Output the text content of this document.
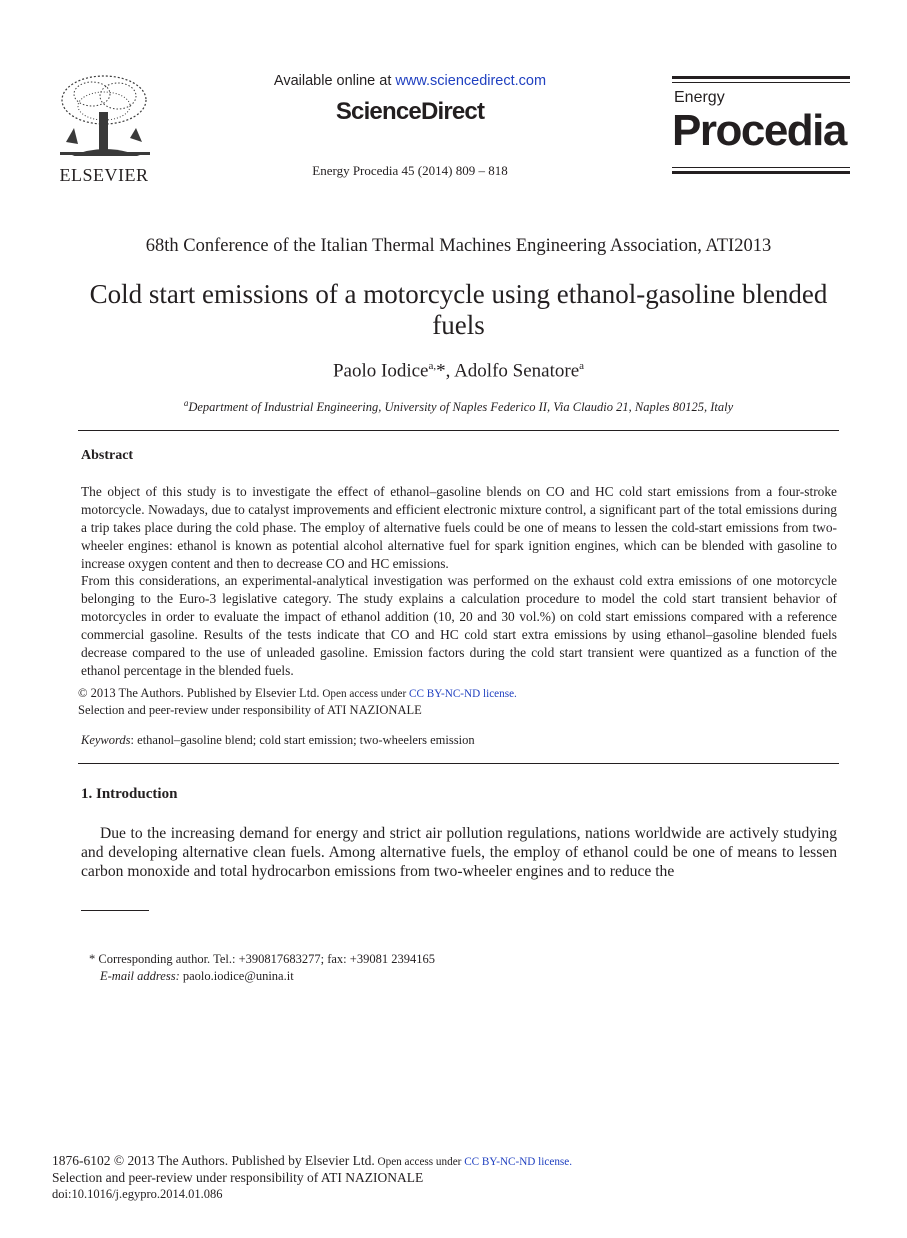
ELSEVIER
Available online at www.sciencedirect.com
ScienceDirect
Energy Procedia 45 (2014) 809 – 818
Energy
Procedia
68th Conference of the Italian Thermal Machines Engineering Association, ATI2013
Cold start emissions of a motorcycle using ethanol-gasoline blended
fuels
Paolo Iodice$^{a,}$*, Adolfo Senatore$^a$
$^a$Department of Industrial Engineering, University of Naples Federico II, Via Claudio 21, Naples 80125, Italy
Abstract
The object of this study is to investigate the effect of ethanol–gasoline blends on CO and HC cold start emissions from a four-stroke motorcycle. Nowadays, due to catalyst improvements and efficient electronic mixture control, a significant part of the total emissions during a trip takes place during the cold phase. The employ of alternative fuels could be one of means to lessen the cold-start emissions from two-wheeler engines: ethanol is known as potential alcohol alternative fuel for spark ignition engines, which can be blended with gasoline to increase oxygen content and then to decrease CO and HC emissions.
From this considerations, an experimental-analytical investigation was performed on the exhaust cold extra emissions of one motorcycle belonging to the Euro-3 legislative category. The study explains a calculation procedure to model the cold start transient behavior of motorcycles in order to evaluate the impact of ethanol addition (10, 20 and 30 vol.%) on cold start emissions compared with a reference commercial gasoline. Results of the tests indicate that CO and HC cold start extra emissions by using ethanol–gasoline blended fuels decrease compared to the use of unleaded gasoline. Emission factors during the cold start transient were quantized as a function of the ethanol percentage in the blended fuels.
© 2013 The Authors. Published by Elsevier Ltd. Open access under CC BY-NC-ND license.
Selection and peer-review under responsibility of ATI NAZIONALE
Keywords: ethanol–gasoline blend; cold start emission; two-wheelers emission
1. Introduction
Due to the increasing demand for energy and strict air pollution regulations, nations worldwide are actively studying and developing alternative clean fuels. Among alternative fuels, the employ of ethanol could be one of means to lessen carbon monoxide and total hydrocarbon emissions from two-wheeler engines and to reduce the
* Corresponding author. Tel.: +390817683277; fax: +39081 2394165
E-mail address: paolo.iodice@unina.it
1876-6102 © 2013 The Authors. Published by Elsevier Ltd. Open access under CC BY-NC-ND license.
Selection and peer-review under responsibility of ATI NAZIONALE
doi:10.1016/j.egypro.2014.01.086
